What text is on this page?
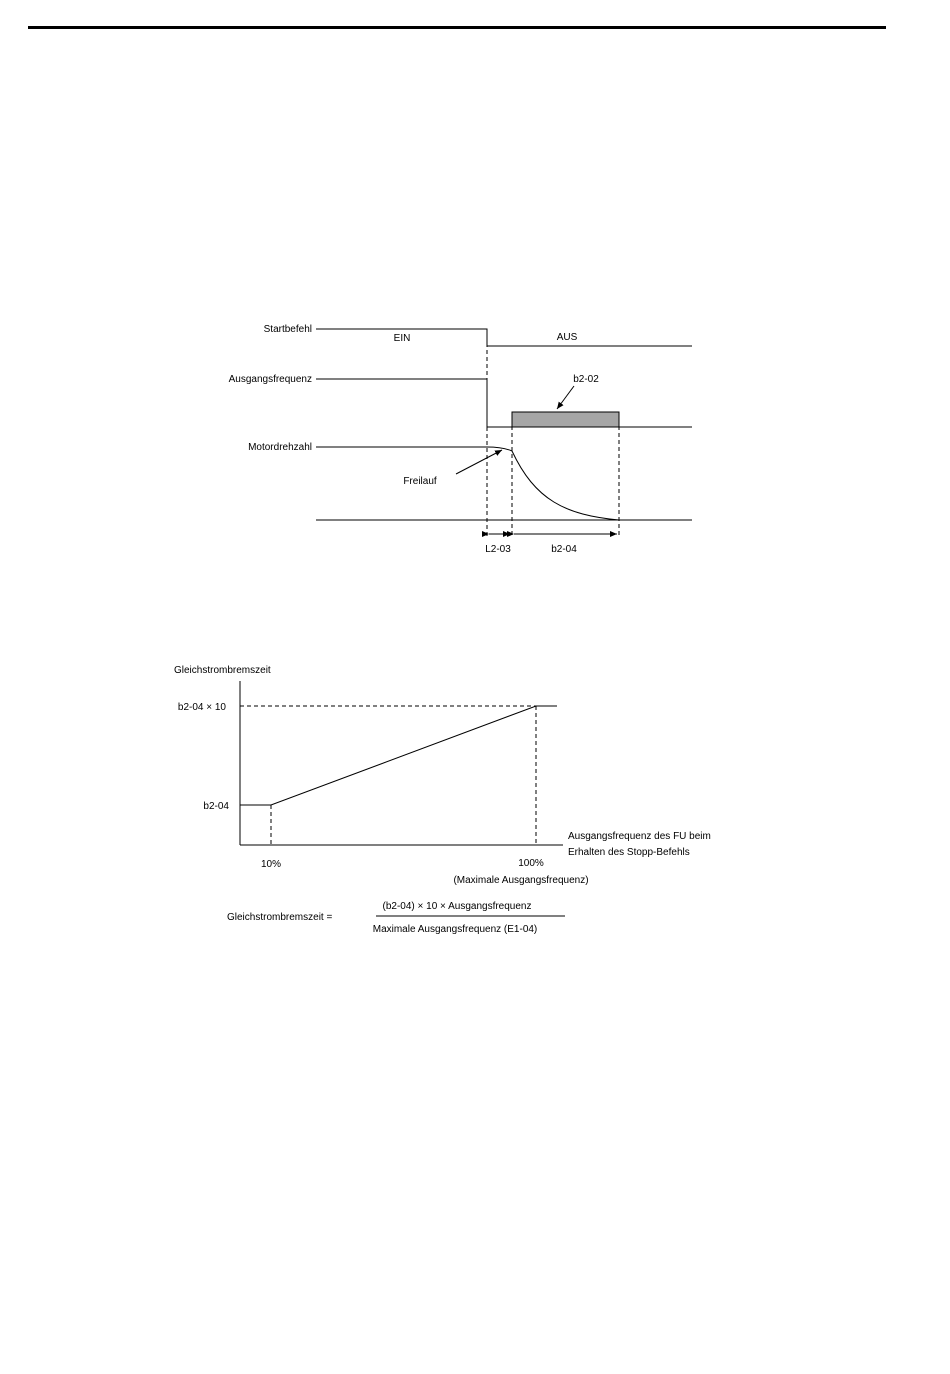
Startbefehl
Ausgangsfrequenz
Motordrehzahl
EIN	AUS
b2-02
Freilauf
L2-03	b2-04
Gleichstrombremszeit
b2-04 × 10
b2-04
Ausgangsfrequenz des FU beim
Erhalten des Stopp-Befehls
10%	100%
(Maximale Ausgangsfrequenz)
Gleichstrombremszeit =
(b2-04) × 10 × Ausgangsfrequenz
Maximale Ausgangsfrequenz (E1-04)
